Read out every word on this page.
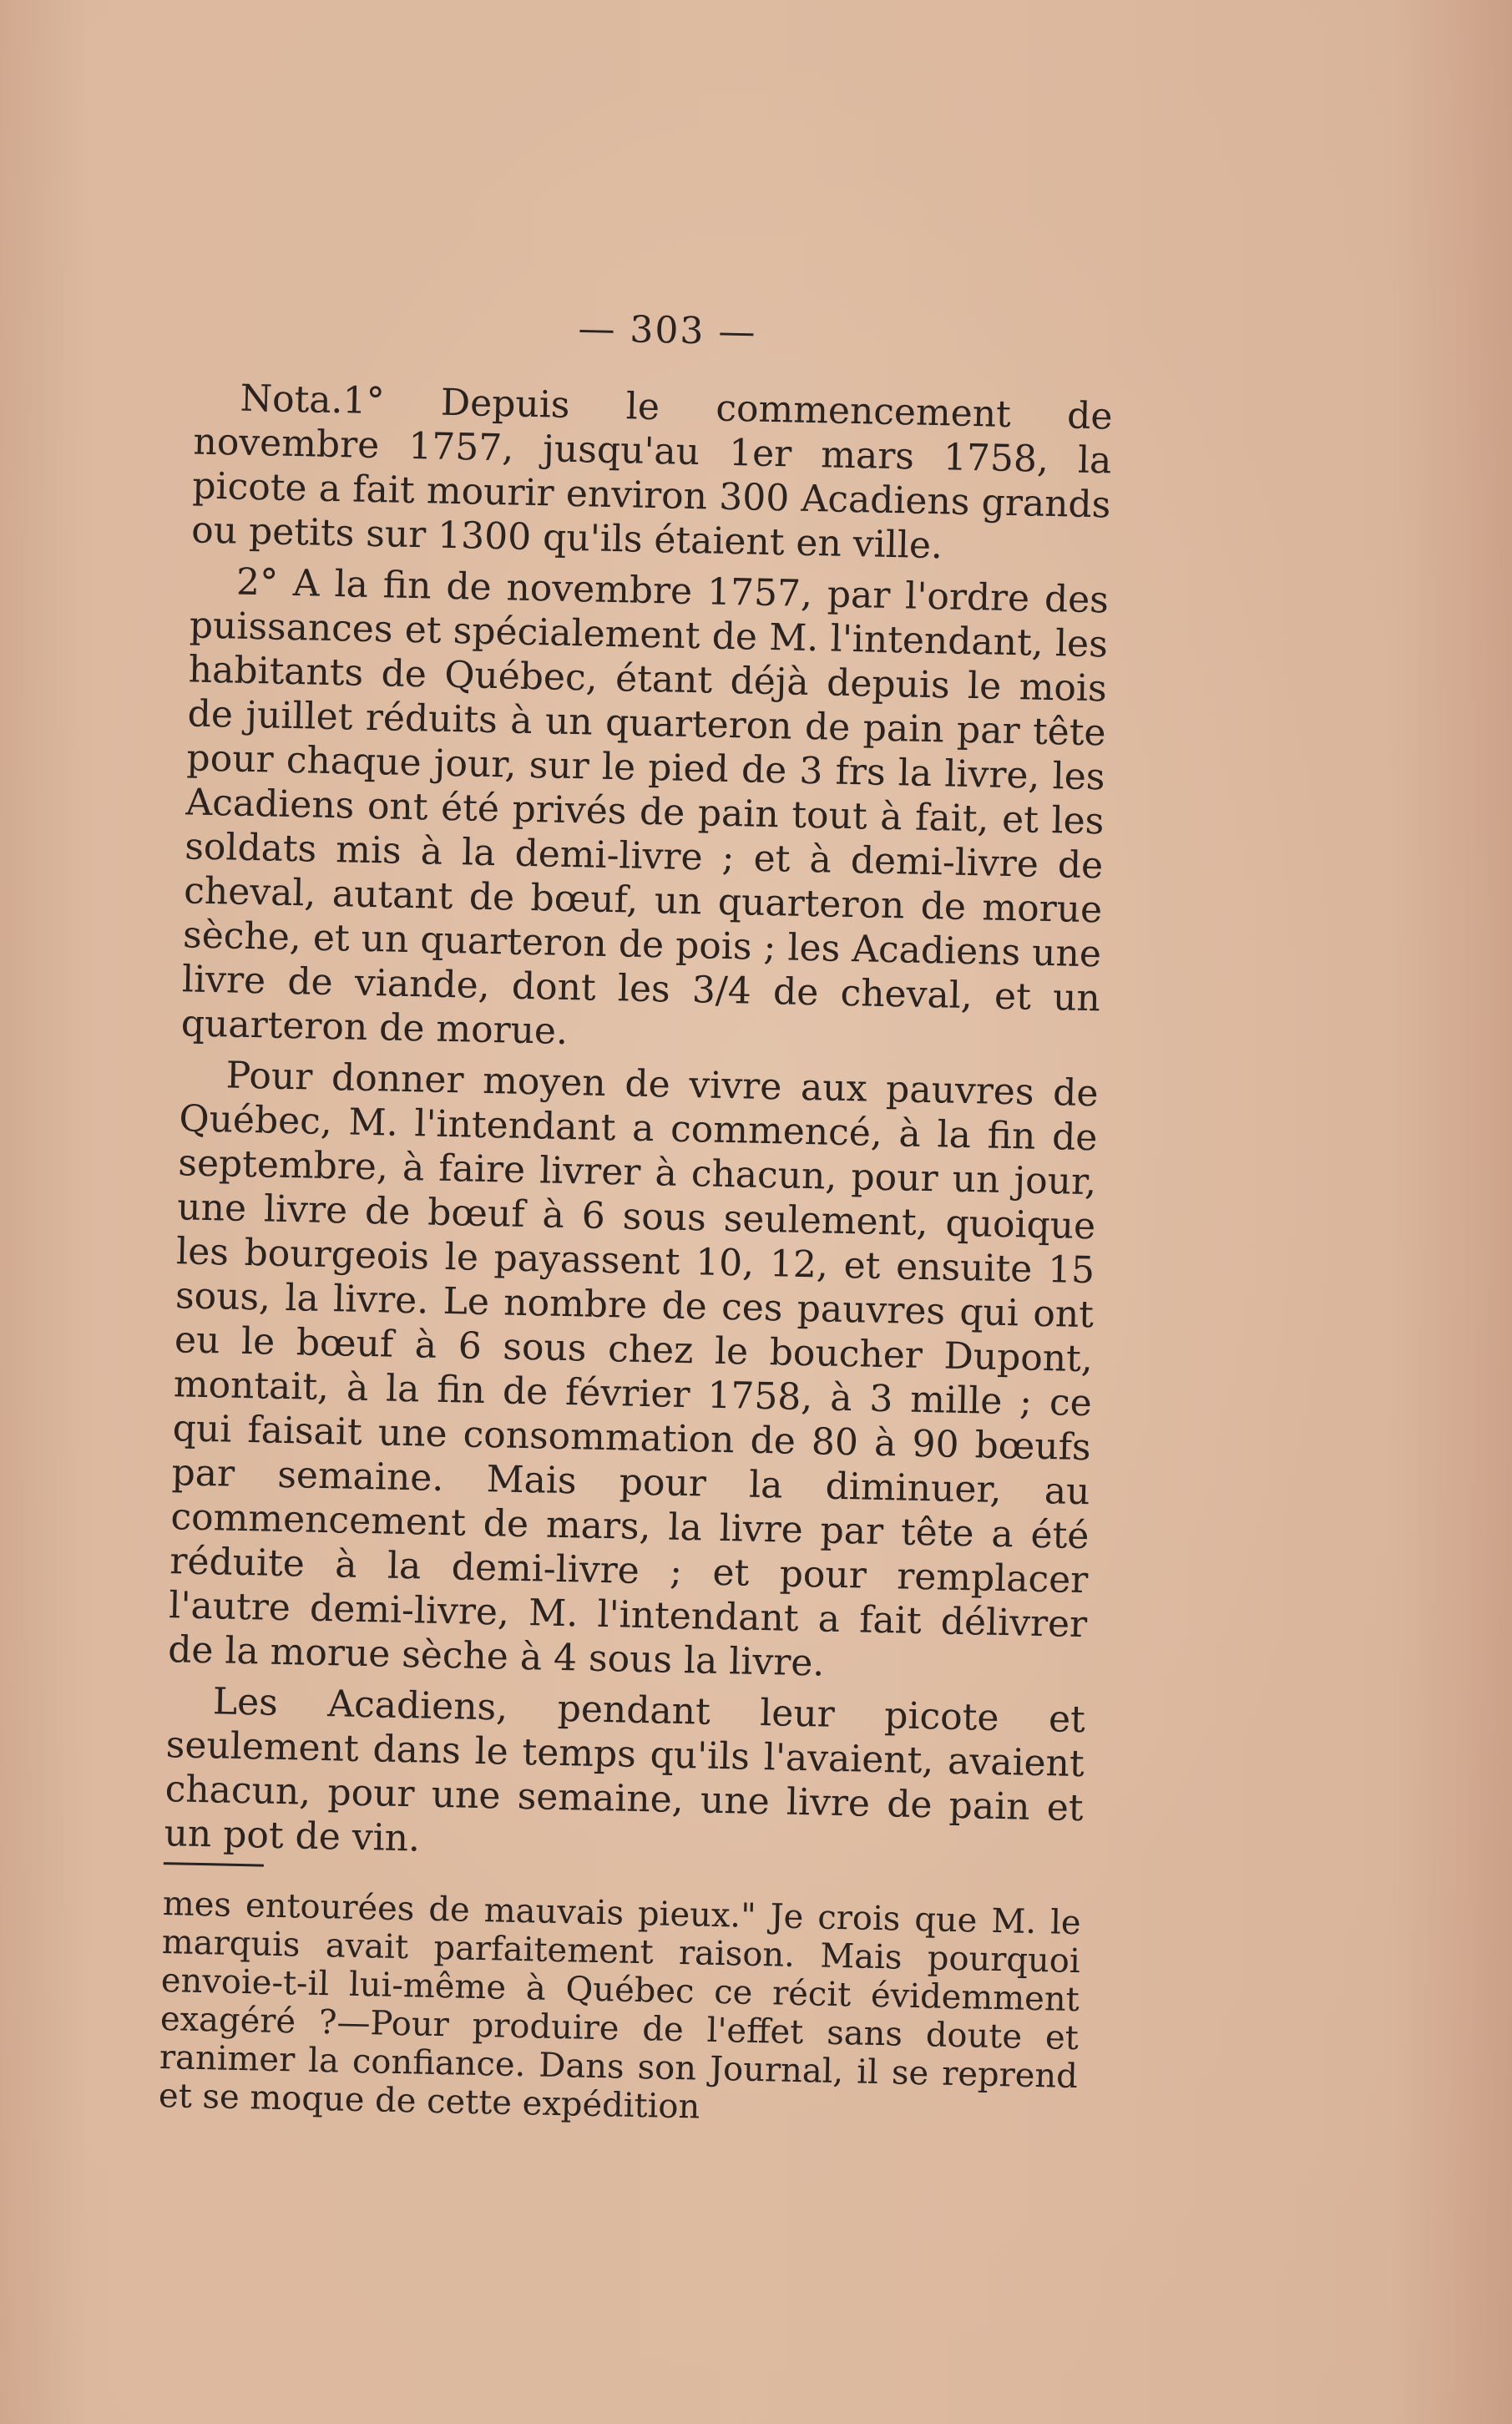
— 303 —

Nota.1° Depuis le commencement de novembre 1757, jusqu'au 1er mars 1758, la picote a fait mourir environ 300 Acadiens grands ou petits sur 1300 qu'ils étaient en ville.

2° A la fin de novembre 1757, par l'ordre des puissances et spécialement de M. l'intendant, les habitants de Québec, étant déjà depuis le mois de juillet réduits à un quarteron de pain par tête pour chaque jour, sur le pied de 3 frs la livre, les Acadiens ont été privés de pain tout à fait, et les soldats mis à la demi-livre ; et à demi-livre de cheval, autant de bœuf, un quarteron de morue sèche, et un quarteron de pois ; les Acadiens une livre de viande, dont les 3/4 de cheval, et un quarteron de morue.

Pour donner moyen de vivre aux pauvres de Québec, M. l'intendant a commencé, à la fin de septembre, à faire livrer à chacun, pour un jour, une livre de bœuf à 6 sous seulement, quoique les bourgeois le payassent 10, 12, et ensuite 15 sous, la livre. Le nombre de ces pauvres qui ont eu le bœuf à 6 sous chez le boucher Dupont, montait, à la fin de février 1758, à 3 mille ; ce qui faisait une consommation de 80 à 90 bœufs par semaine. Mais pour la diminuer, au commencement de mars, la livre par tête a été réduite à la demi-livre ; et pour remplacer l'autre demi-livre, M. l'intendant a fait délivrer de la morue sèche à 4 sous la livre.

Les Acadiens, pendant leur picote et seulement dans le temps qu'ils l'avaient, avaient chacun, pour une semaine, une livre de pain et un pot de vin.

mes entourées de mauvais pieux." Je crois que M. le marquis avait parfaitement raison. Mais pourquoi envoie-t-il lui-même à Québec ce récit évidemment exagéré ?—Pour produire de l'effet sans doute et ranimer la confiance. Dans son Journal, il se reprend et se moque de cette expédition
